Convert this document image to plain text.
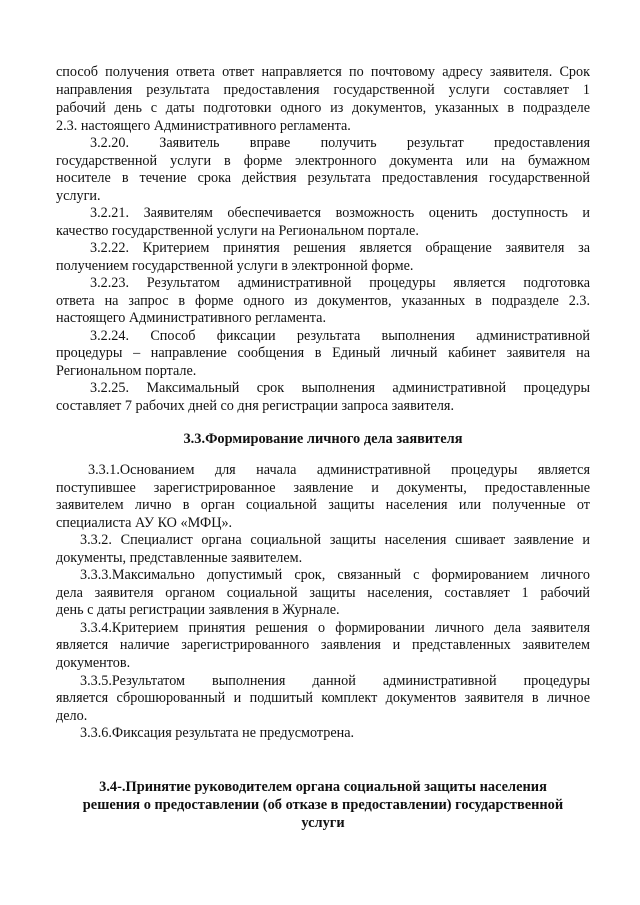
способ получения ответа ответ направляется по почтовому адресу заявителя. Срок
направления результата предоставления государственной услуги составляет 1
рабочий день с даты подготовки одного из документов, указанных в подразделе
2.3. настоящего Административного регламента.
3.2.20. Заявитель вправе получить результат предоставления
государственной услуги в форме электронного документа или на бумажном
носителе в течение срока действия результата предоставления государственной
услуги.
3.2.21. Заявителям обеспечивается возможность оценить доступность и
качество государственной услуги на Региональном портале.
3.2.22. Критерием принятия решения является обращение заявителя за
получением государственной услуги в электронной форме.
3.2.23. Результатом административной процедуры является подготовка
ответа на запрос в форме одного из документов, указанных в подразделе 2.3.
настоящего Административного регламента.
3.2.24. Способ фиксации результата выполнения административной
процедуры – направление сообщения в Единый личный кабинет заявителя на
Региональном портале.
3.2.25. Максимальный срок выполнения административной процедуры
составляет 7 рабочих дней со дня регистрации запроса заявителя.
3.3.Формирование личного дела заявителя
3.3.1.Основанием для начала административной процедуры является
поступившее зарегистрированное заявление и документы, предоставленные
заявителем лично в орган социальной защиты населения или полученные от
специалиста АУ КО «МФЦ».
3.3.2. Специалист органа социальной защиты населения сшивает заявление и
документы, представленные заявителем.
3.3.3.Максимально допустимый срок, связанный с формированием личного
дела заявителя органом социальной защиты населения, составляет 1 рабочий
день с даты регистрации заявления в Журнале.
3.3.4.Критерием принятия решения о формировании личного дела заявителя
является наличие зарегистрированного заявления и представленных заявителем
документов.
3.3.5.Результатом выполнения данной административной процедуры
является сброшюрованный и подшитый комплект документов заявителя в личное
дело.
3.3.6.Фиксация результата не предусмотрена.
3.4-.Принятие руководителем органа социальной защиты населения
решения о предоставлении (об отказе в предоставлении) государственной
услуги
